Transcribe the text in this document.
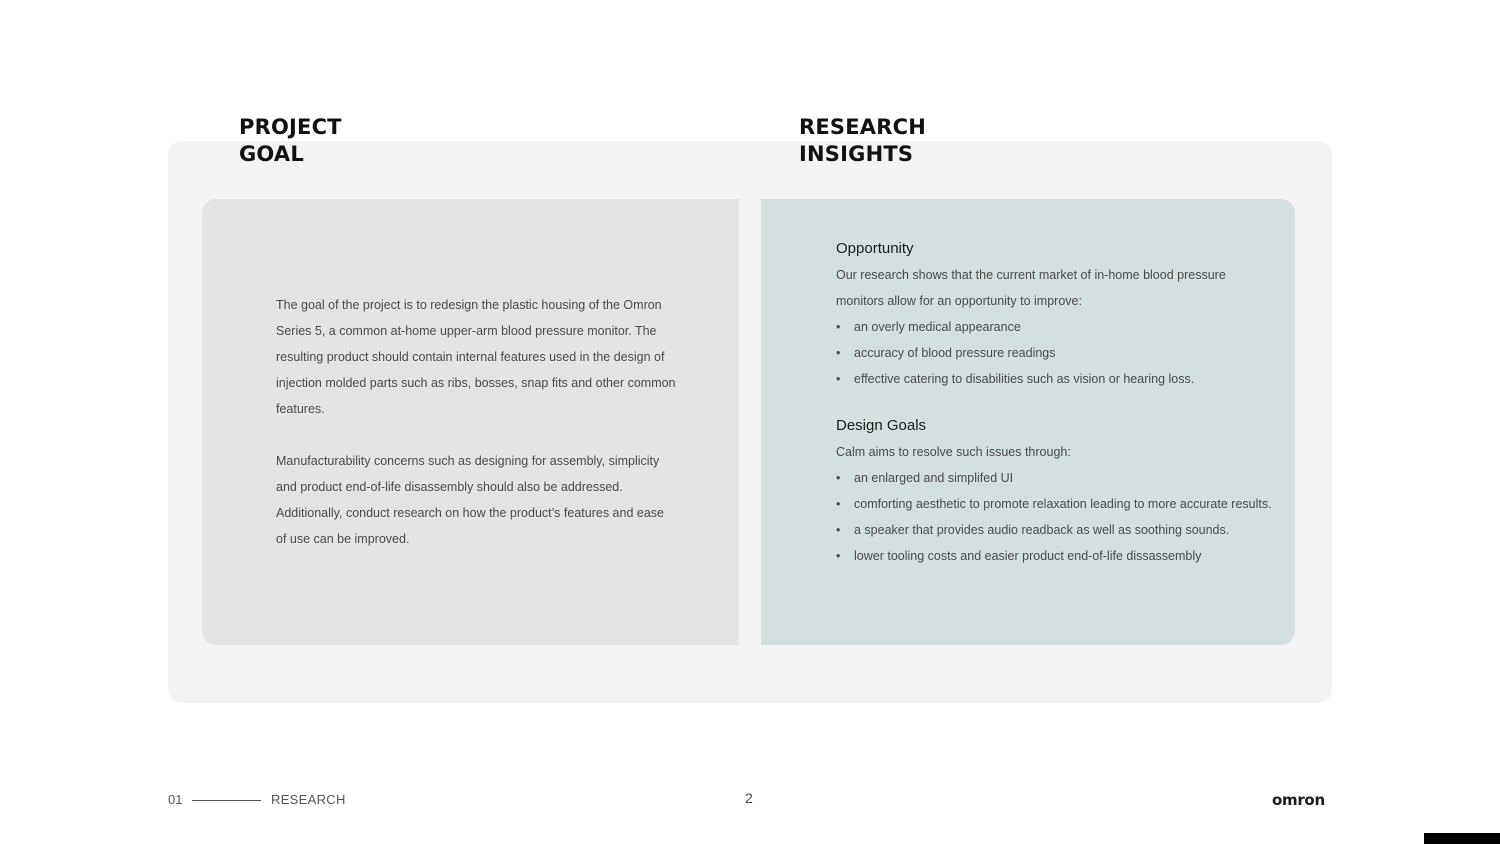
PROJECT
GOAL
RESEARCH
INSIGHTS

The goal of the project is to redesign the plastic housing of the Omron Series 5, a common at-home upper-arm blood pressure monitor. The resulting product should contain internal features used in the design of injection molded parts such as ribs, bosses, snap fits and other common features.

Manufacturability concerns such as designing for assembly, simplicity and product end-of-life disassembly should also be addressed. Additionally, conduct research on how the product’s features and ease of use can be improved.

Opportunity
Our research shows that the current market of in-home blood pressure monitors allow for an opportunity to improve:
• an overly medical appearance
• accuracy of blood pressure readings
• effective catering to disabilities such as vision or hearing loss.
Design Goals
Calm aims to resolve such issues through:
• an enlarged and simplifed UI
• comforting aesthetic to promote relaxation leading to more accurate results.
• a speaker that provides audio readback as well as soothing sounds.
• lower tooling costs and easier product end-of-life dissassembly
01	RESEARCH	2	omron
